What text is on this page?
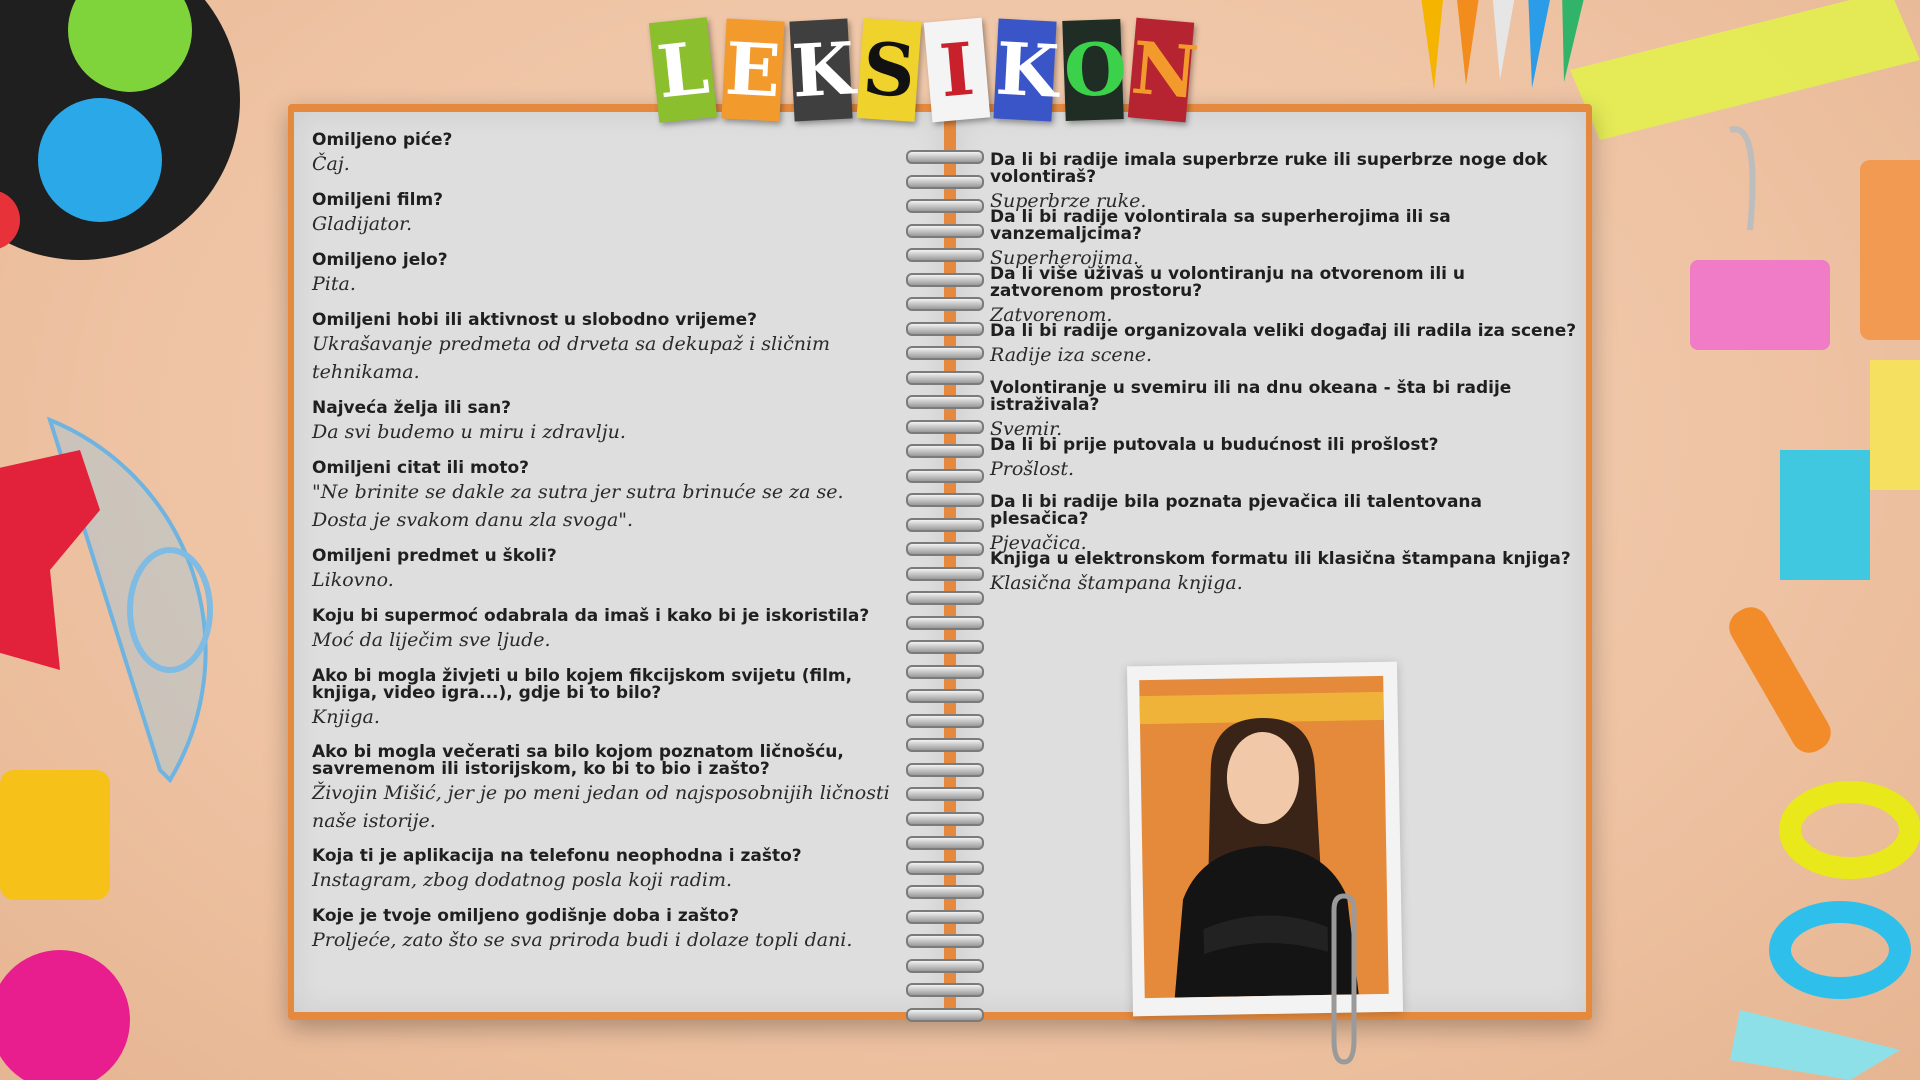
L E K S I K O N
Omiljeno piće?
Čaj.
Omiljeni film?
Gladijator.
Omiljeno jelo?
Pita.
Omiljeni hobi ili aktivnost u slobodno vrijeme?
Ukrašavanje predmeta od drveta sa dekupaž i sličnim tehnikama.
Najveća želja ili san?
Da svi budemo u miru i zdravlju.
Omiljeni citat ili moto?
"Ne brinite se dakle za sutra jer sutra brinuće se za se. Dosta je svakom danu zla svoga".
Omiljeni predmet u školi?
Likovno.
Koju bi supermoć odabrala da imaš i kako bi je iskoristila?
Moć da liječim sve ljude.
Ako bi mogla živjeti u bilo kojem fikcijskom svijetu (film, knjiga, video igra...), gdje bi to bilo?
Knjiga.
Ako bi mogla večerati sa bilo kojom poznatom ličnošću, savremenom ili istorijskom, ko bi to bio i zašto?
Živojin Mišić, jer je po meni jedan od najsposobnijih ličnosti naše istorije.
Koja ti je aplikacija na telefonu neophodna i zašto?
Instagram, zbog dodatnog posla koji radim.
Koje je tvoje omiljeno godišnje doba i zašto?
Proljeće, zato što se sva priroda budi i dolaze topli dani.
Da li bi radije imala superbrze ruke ili superbrze noge dok volontiraš?
Superbrze ruke.
Da li bi radije volontirala sa superherojima ili sa vanzemaljcima?
Superherojima.
Da li više uživaš u volontiranju na otvorenom ili u zatvorenom prostoru?
Zatvorenom.
Da li bi radije organizovala veliki događaj ili radila iza scene?
Radije iza scene.
Volontiranje u svemiru ili na dnu okeana - šta bi radije istraživala?
Svemir.
Da li bi prije putovala u budućnost ili prošlost?
Prošlost.
Da li bi radije bila poznata pjevačica ili talentovana plesačica?
Pjevačica.
Knjiga u elektronskom formatu ili klasična štampana knjiga?
Klasična štampana knjiga.
